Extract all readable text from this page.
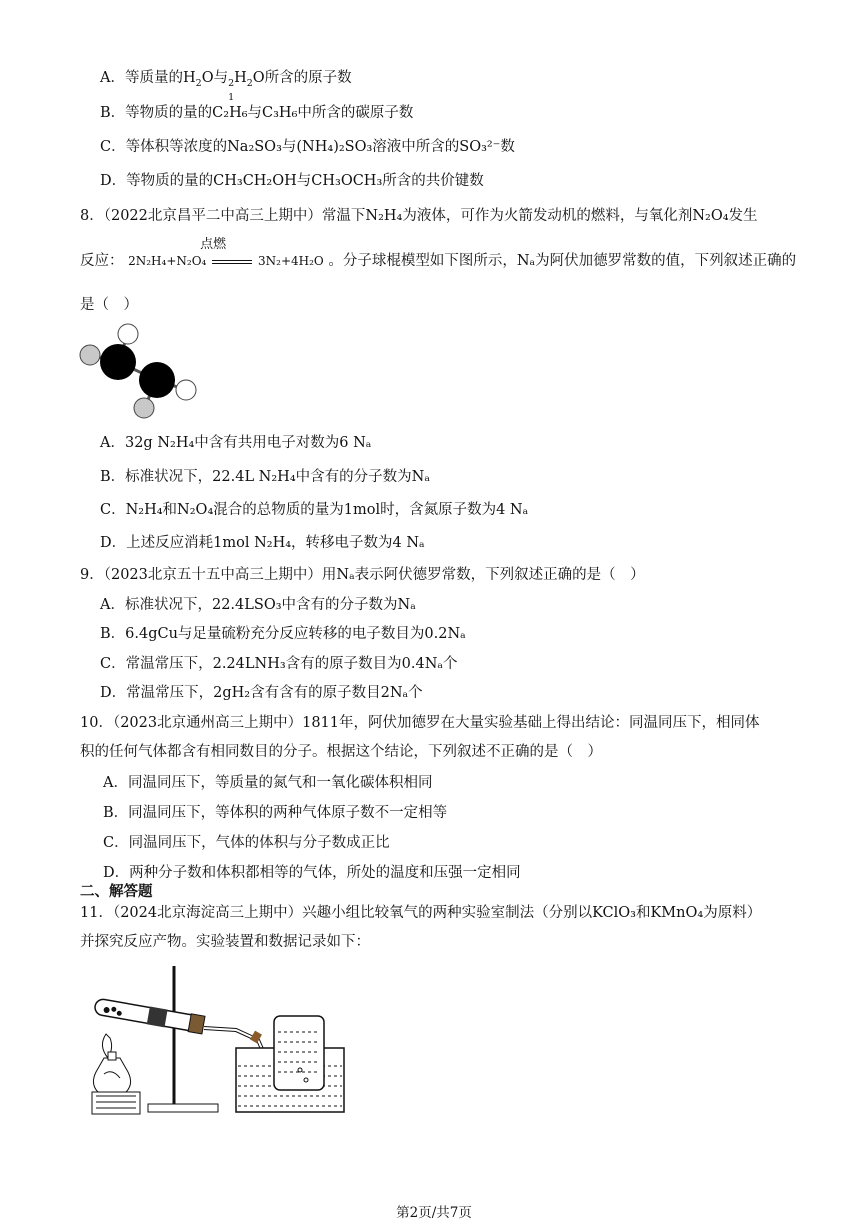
A．等质量的$H_2O$与 2
1
$H_2O$所含的原子数
B．等物质的量的C₂H₆与C₃H₆中所含的碳原子数
C．等体积等浓度的Na₂SO₃与(NH₄)₂SO₃溶液中所含的SO₃²⁻数
D．等物质的量的CH₃CH₂OH与CH₃OCH₃所含的共价键数
8．（2022北京昌平二中高三上期中）常温下N₂H₄为液体，可作为火箭发动机的燃料，与氧化剂N₂O₄发生
反应： 2N₂H₄+N₂O₄
点燃
3N₂+4H₂O 。分子球棍模型如下图所示，Nₐ为阿伏加德罗常数的值，下列叙述正确的
是（　）
A．32g N₂H₄中含有共用电子对数为6 Nₐ
B．标准状况下，22.4L N₂H₄中含有的分子数为Nₐ
C．N₂H₄和N₂O₄混合的总物质的量为1mol时，含氮原子数为4 Nₐ
D．上述反应消耗1mol N₂H₄，转移电子数为4 Nₐ
9．（2023北京五十五中高三上期中）用Nₐ表示阿伏德罗常数，下列叙述正确的是（　）
A．标准状况下，22.4LSO₃中含有的分子数为Nₐ
B．6.4gCu与足量硫粉充分反应转移的电子数目为0.2Nₐ
C．常温常压下，2.24LNH₃含有的原子数目为0.4Nₐ个
D．常温常压下，2gH₂含有含有的原子数目2Nₐ个
10．（2023北京通州高三上期中）1811年，阿伏加德罗在大量实验基础上得出结论：同温同压下，相同体
积的任何气体都含有相同数目的分子。根据这个结论，下列叙述不正确的是（　）
A．同温同压下，等质量的氮气和一氧化碳体积相同
B．同温同压下，等体积的两种气体原子数不一定相等
C．同温同压下，气体的体积与分子数成正比
D．两种分子数和体积都相等的气体，所处的温度和压强一定相同
二、解答题
11．（2024北京海淀高三上期中）兴趣小组比较氧气的两种实验室制法（分别以KClO₃和KMnO₄为原料）
并探究反应产物。实验装置和数据记录如下：
第2页/共7页
